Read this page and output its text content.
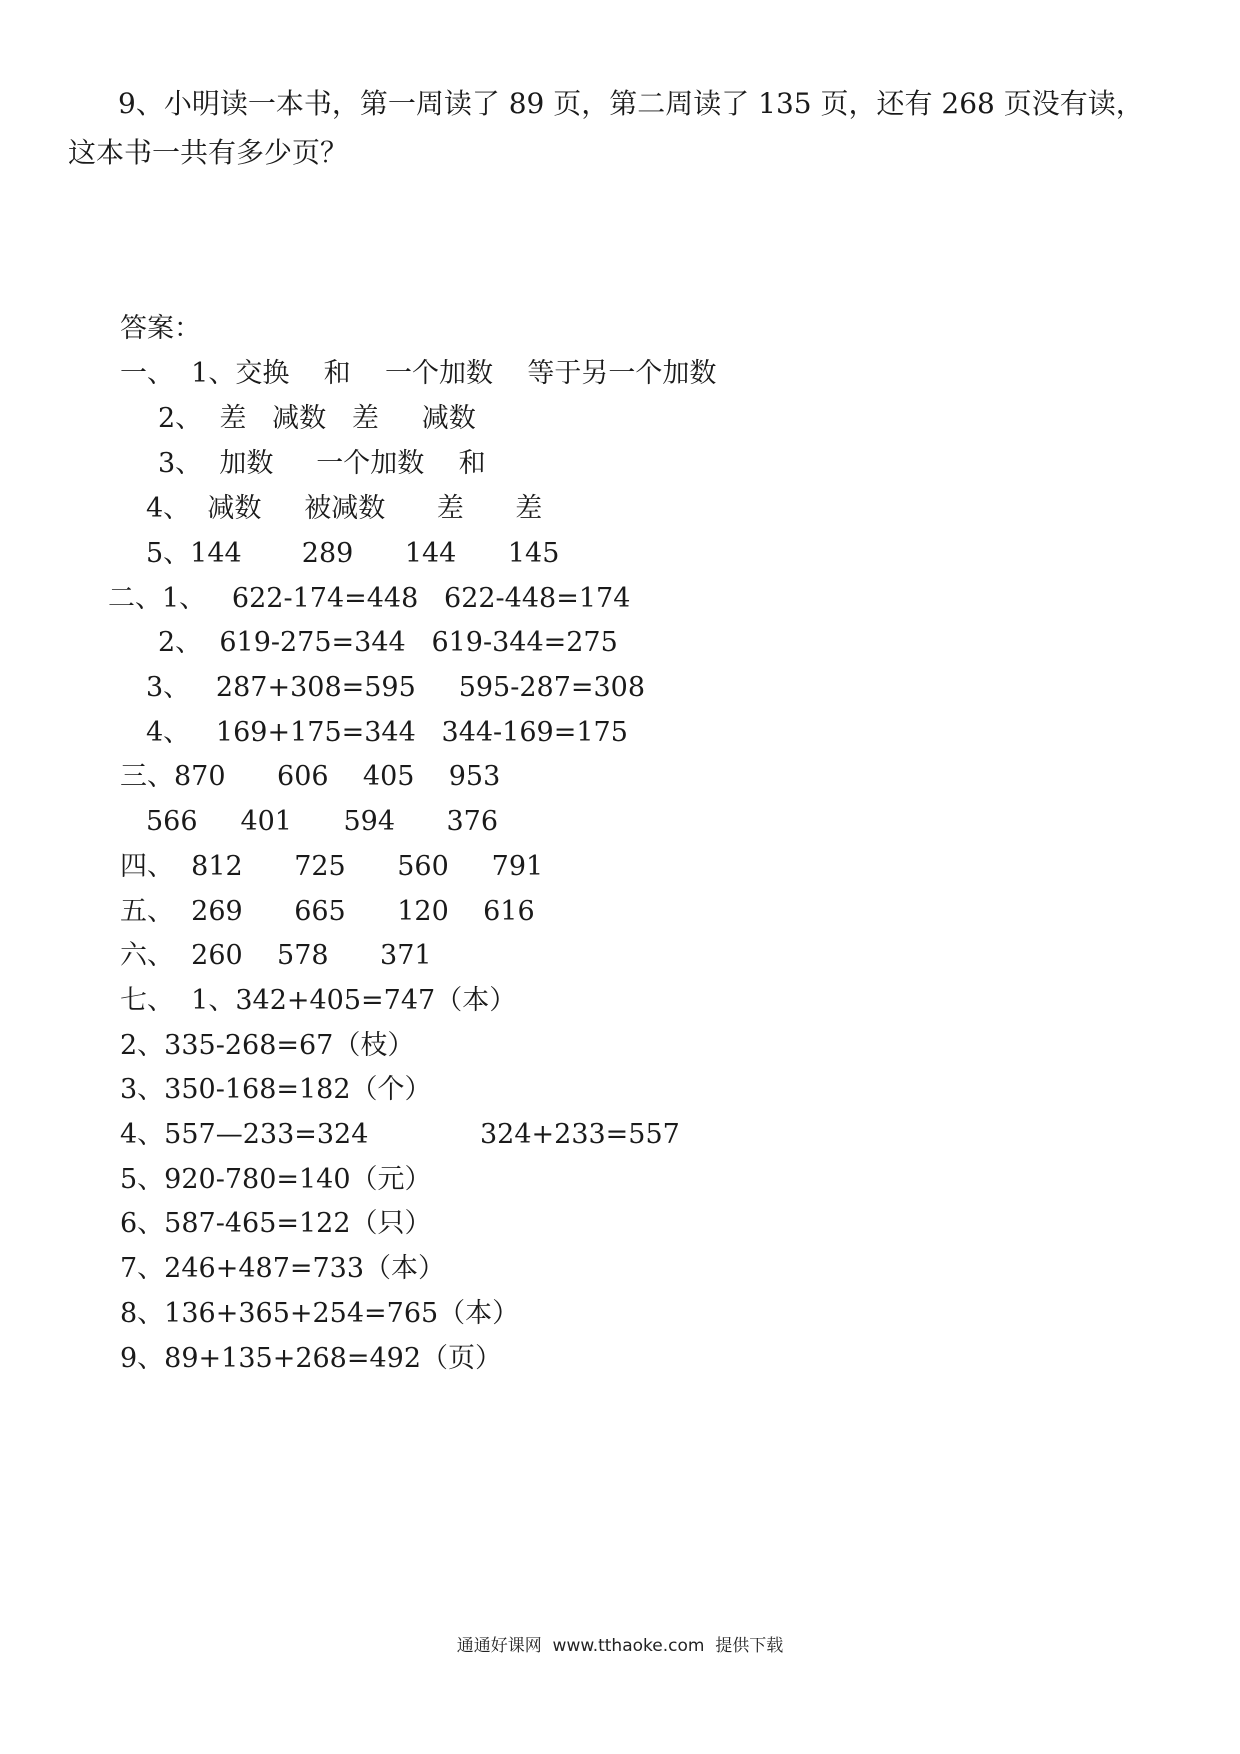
9、小明读一本书，第一周读了 89 页，第二周读了 135 页，还有 268 页没有读，
这本书一共有多少页？
答案：
一、  1、交换    和    一个加数    等于另一个加数
2、  差   减数   差     减数
3、  加数     一个加数    和
4、  减数     被减数      差      差
5、144       289      144      145
二、1、   622-174=448   622-448=174
2、  619-275=344   619-344=275
3、   287+308=595     595-287=308
4、   169+175=344   344-169=175
三、870      606    405    953
566     401      594      376
四、  812      725      560     791
五、  269      665      120    616
六、  260    578      371
七、  1、342+405=747（本）
2、335-268=67（枝）
3、350-168=182（个）
4、557—233=324             324+233=557
5、920-780=140（元）
6、587-465=122（只）
7、246+487=733（本）
8、136+365+254=765（本）
9、89+135+268=492（页）
通通好课网  www.tthaoke.com  提供下载
